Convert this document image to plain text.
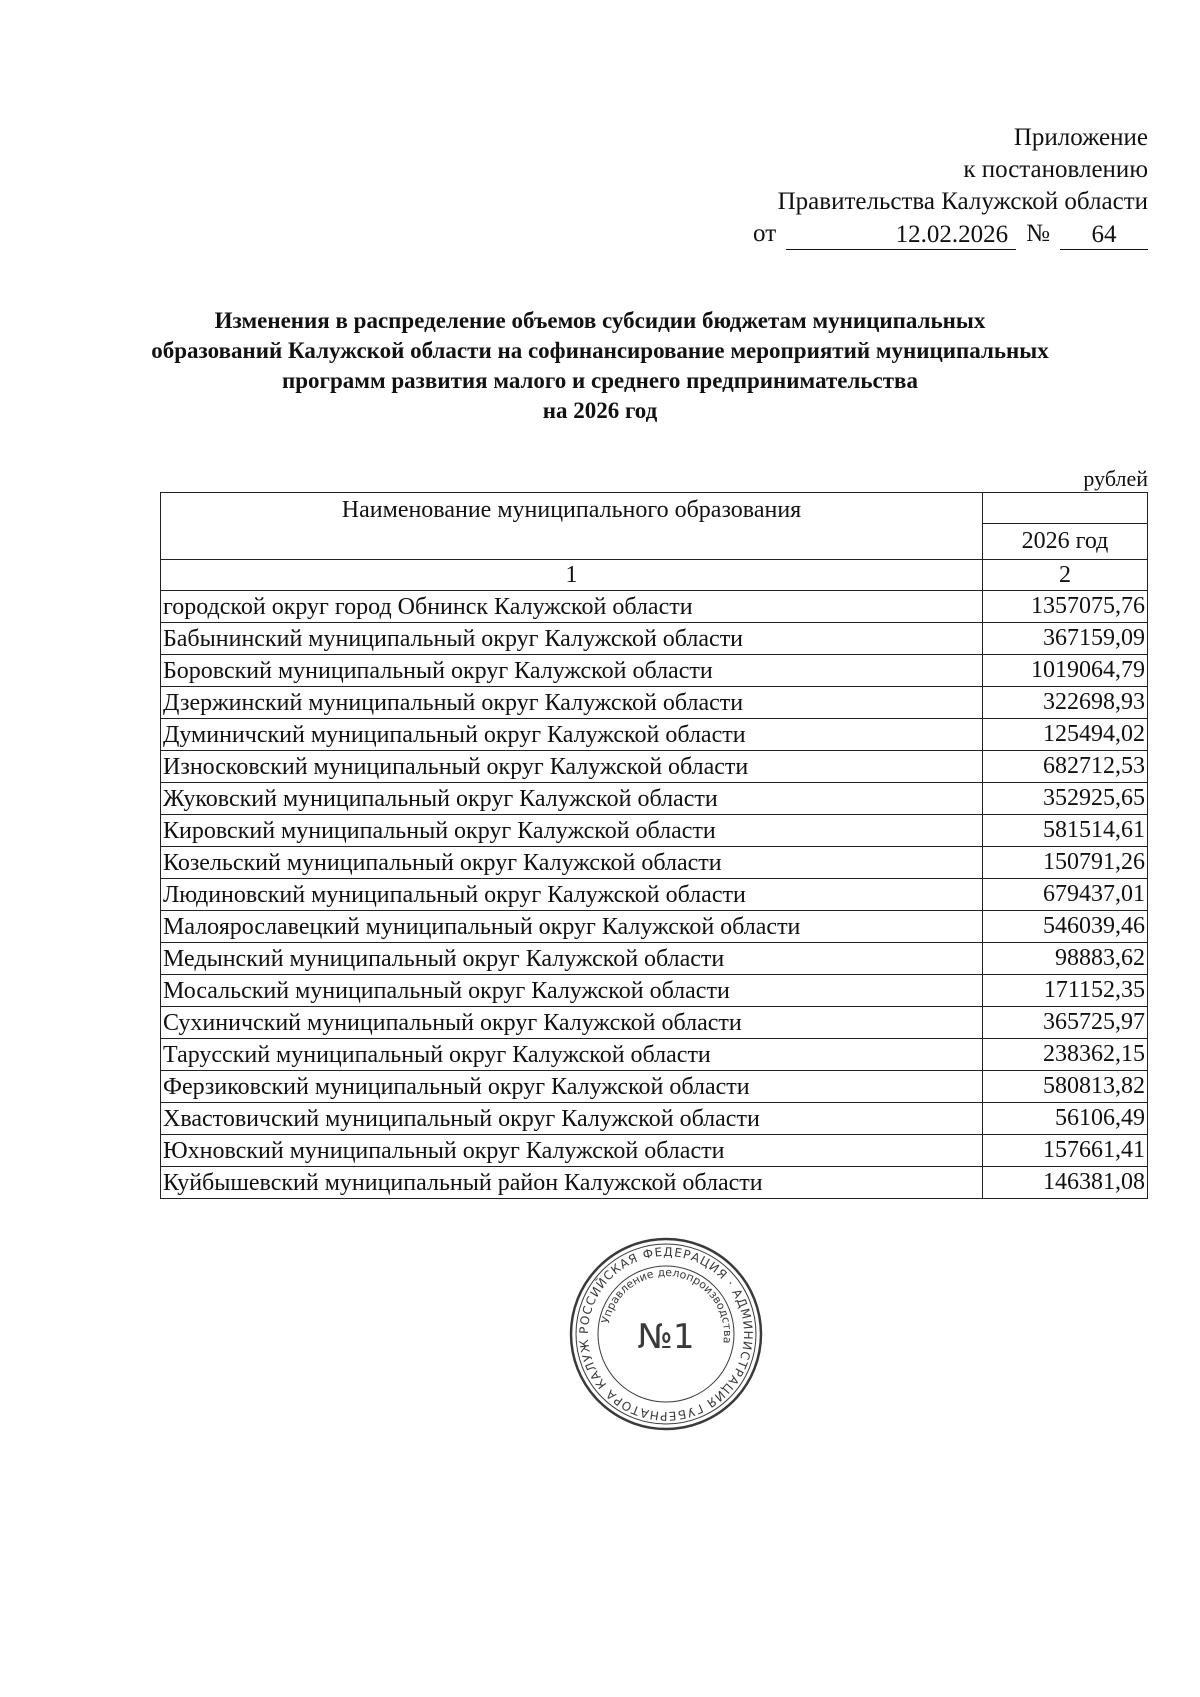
Приложение
к постановлению
Правительства Калужской области
от	12.02.2026 №	64
Изменения в распределение объемов субсидии бюджетам муниципальных
образований Калужской области на софинансирование мероприятий муниципальных
программ развития малого и среднего предпринимательства
на 2026 год
рублей
Наименование муниципального образования	
	2026 год
1	2
городской округ город Обнинск Калужской области	1357075,76
Бабынинский муниципальный округ Калужской области	367159,09
Боровский муниципальный округ Калужской области	1019064,79
Дзержинский муниципальный округ Калужской области	322698,93
Думиничский муниципальный округ Калужской области	125494,02
Износковский муниципальный округ Калужской области	682712,53
Жуковский муниципальный округ Калужской области	352925,65
Кировский муниципальный округ Калужской области	581514,61
Козельский муниципальный округ Калужской области	150791,26
Людиновский муниципальный округ Калужской области	679437,01
Малоярославецкий муниципальный округ Калужской области	546039,46
Медынский муниципальный округ Калужской области	98883,62
Мосальский муниципальный округ Калужской области	171152,35
Сухиничский муниципальный округ Калужской области	365725,97
Тарусский муниципальный округ Калужской области	238362,15
Ферзиковский муниципальный округ Калужской области	580813,82
Хвастовичский муниципальный округ Калужской области	56106,49
Юхновский муниципальный округ Калужской области	157661,41
Куйбышевский муниципальный район Калужской области	146381,08
РОССИЙСКАЯ ФЕДЕРАЦИЯ · АДМИНИСТРАЦИЯ ГУБЕРНАТОРА КАЛУЖ
Управление делопроизводства
№1
